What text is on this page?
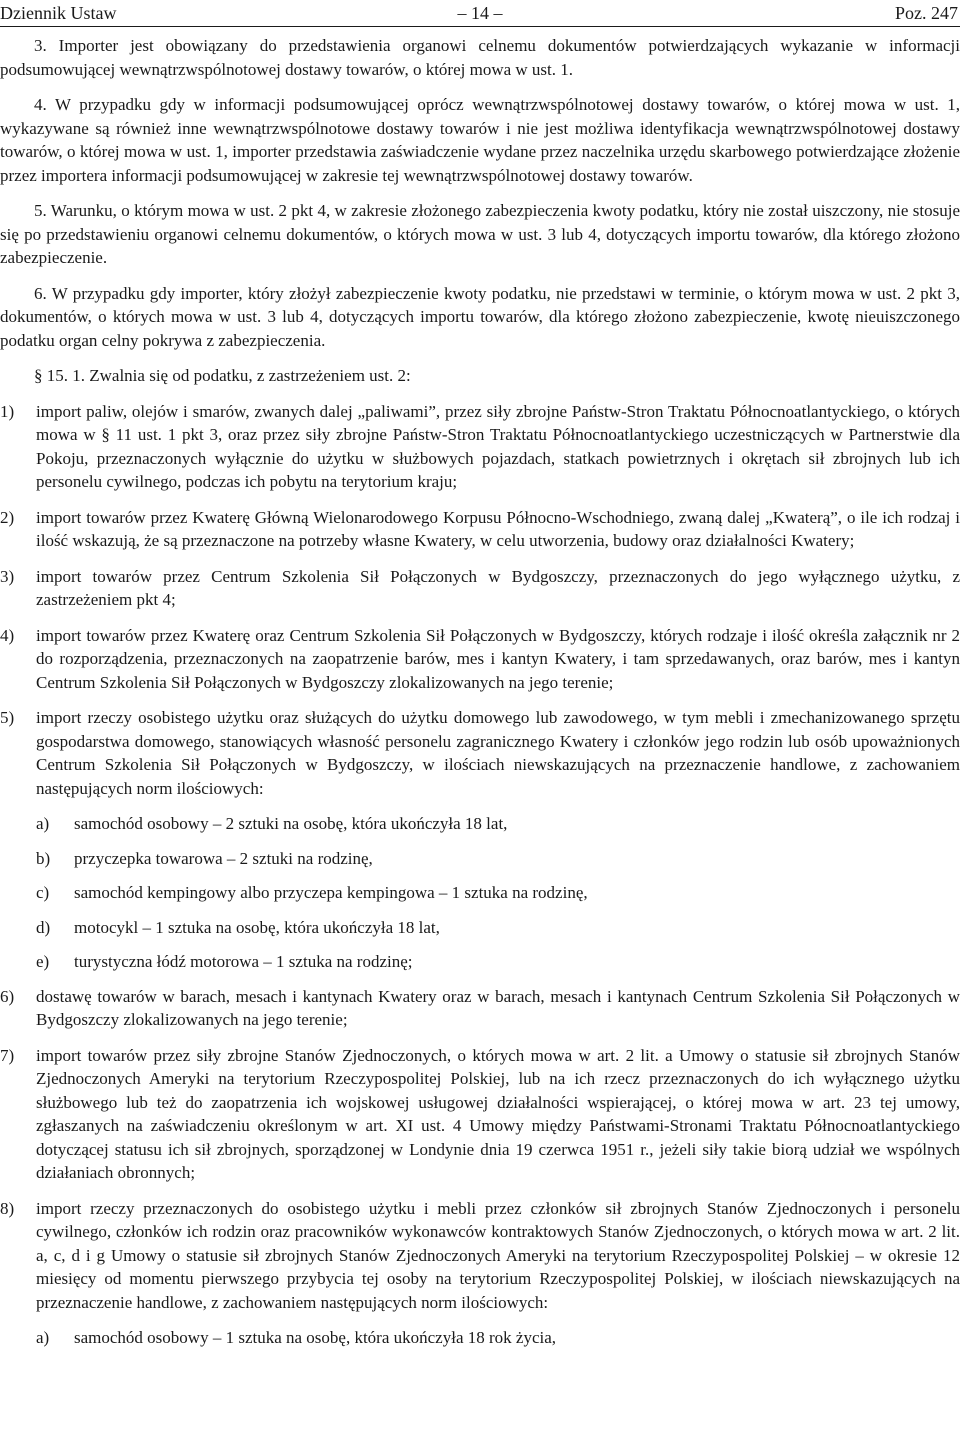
Dziennik Ustaw	– 14 –	Poz. 247

3. Importer jest obowiązany do przedstawienia organowi celnemu dokumentów potwierdzających wykazanie w informacji podsumowującej wewnątrzwspólnotowej dostawy towarów, o której mowa w ust. 1.

4. W przypadku gdy w informacji podsumowującej oprócz wewnątrzwspólnotowej dostawy towarów, o której mowa w ust. 1, wykazywane są również inne wewnątrzwspólnotowe dostawy towarów i nie jest możliwa identyfikacja wewnątrzwspólnotowej dostawy towarów, o której mowa w ust. 1, importer przedstawia zaświadczenie wydane przez naczelnika urzędu skarbowego potwierdzające złożenie przez importera informacji podsumowującej w zakresie tej wewnątrzwspólnotowej dostawy towarów.

5. Warunku, o którym mowa w ust. 2 pkt 4, w zakresie złożonego zabezpieczenia kwoty podatku, który nie został uiszczony, nie stosuje się po przedstawieniu organowi celnemu dokumentów, o których mowa w ust. 3 lub 4, dotyczących importu towarów, dla którego złożono zabezpieczenie.

6. W przypadku gdy importer, który złożył zabezpieczenie kwoty podatku, nie przedstawi w terminie, o którym mowa w ust. 2 pkt 3, dokumentów, o których mowa w ust. 3 lub 4, dotyczących importu towarów, dla którego złożono zabezpieczenie, kwotę nieuiszczonego podatku organ celny pokrywa z zabezpieczenia.

§ 15. 1. Zwalnia się od podatku, z zastrzeżeniem ust. 2:

1) import paliw, olejów i smarów, zwanych dalej „paliwami”, przez siły zbrojne Państw-Stron Traktatu Północnoatlantyckiego, o których mowa w § 11 ust. 1 pkt 3, oraz przez siły zbrojne Państw-Stron Traktatu Północnoatlantyckiego uczestniczących w Partnerstwie dla Pokoju, przeznaczonych wyłącznie do użytku w służbowych pojazdach, statkach powietrznych i okrętach sił zbrojnych lub ich personelu cywilnego, podczas ich pobytu na terytorium kraju;
2) import towarów przez Kwaterę Główną Wielonarodowego Korpusu Północno-Wschodniego, zwaną dalej „Kwaterą”, o ile ich rodzaj i ilość wskazują, że są przeznaczone na potrzeby własne Kwatery, w celu utworzenia, budowy oraz działalności Kwatery;
3) import towarów przez Centrum Szkolenia Sił Połączonych w Bydgoszczy, przeznaczonych do jego wyłącznego użytku, z zastrzeżeniem pkt 4;
4) import towarów przez Kwaterę oraz Centrum Szkolenia Sił Połączonych w Bydgoszczy, których rodzaje i ilość określa załącznik nr 2 do rozporządzenia, przeznaczonych na zaopatrzenie barów, mes i kantyn Kwatery, i tam sprzedawanych, oraz barów, mes i kantyn Centrum Szkolenia Sił Połączonych w Bydgoszczy zlokalizowanych na jego terenie;
5) import rzeczy osobistego użytku oraz służących do użytku domowego lub zawodowego, w tym mebli i zmechanizowanego sprzętu gospodarstwa domowego, stanowiących własność personelu zagranicznego Kwatery i członków jego rodzin lub osób upoważnionych Centrum Szkolenia Sił Połączonych w Bydgoszczy, w ilościach niewskazujących na przeznaczenie handlowe, z zachowaniem następujących norm ilościowych:
a) samochód osobowy – 2 sztuki na osobę, która ukończyła 18 lat,
b) przyczepka towarowa – 2 sztuki na rodzinę,
c) samochód kempingowy albo przyczepa kempingowa – 1 sztuka na rodzinę,
d) motocykl – 1 sztuka na osobę, która ukończyła 18 lat,
e) turystyczna łódź motorowa – 1 sztuka na rodzinę;
6) dostawę towarów w barach, mesach i kantynach Kwatery oraz w barach, mesach i kantynach Centrum Szkolenia Sił Połączonych w Bydgoszczy zlokalizowanych na jego terenie;
7) import towarów przez siły zbrojne Stanów Zjednoczonych, o których mowa w art. 2 lit. a Umowy o statusie sił zbrojnych Stanów Zjednoczonych Ameryki na terytorium Rzeczypospolitej Polskiej, lub na ich rzecz przeznaczonych do ich wyłącznego użytku służbowego lub też do zaopatrzenia ich wojskowej usługowej działalności wspierającej, o której mowa w art. 23 tej umowy, zgłaszanych na zaświadczeniu określonym w art. XI ust. 4 Umowy między Państwami-Stronami Traktatu Północnoatlantyckiego dotyczącej statusu ich sił zbrojnych, sporządzonej w Londynie dnia 19 czerwca 1951 r., jeżeli siły takie biorą udział we wspólnych działaniach obronnych;
8) import rzeczy przeznaczonych do osobistego użytku i mebli przez członków sił zbrojnych Stanów Zjednoczonych i personelu cywilnego, członków ich rodzin oraz pracowników wykonawców kontraktowych Stanów Zjednoczonych, o których mowa w art. 2 lit. a, c, d i g Umowy o statusie sił zbrojnych Stanów Zjednoczonych Ameryki na terytorium Rzeczypospolitej Polskiej – w okresie 12 miesięcy od momentu pierwszego przybycia tej osoby na terytorium Rzeczypospolitej Polskiej, w ilościach niewskazujących na przeznaczenie handlowe, z zachowaniem następujących norm ilościowych:
a) samochód osobowy – 1 sztuka na osobę, która ukończyła 18 rok życia,
